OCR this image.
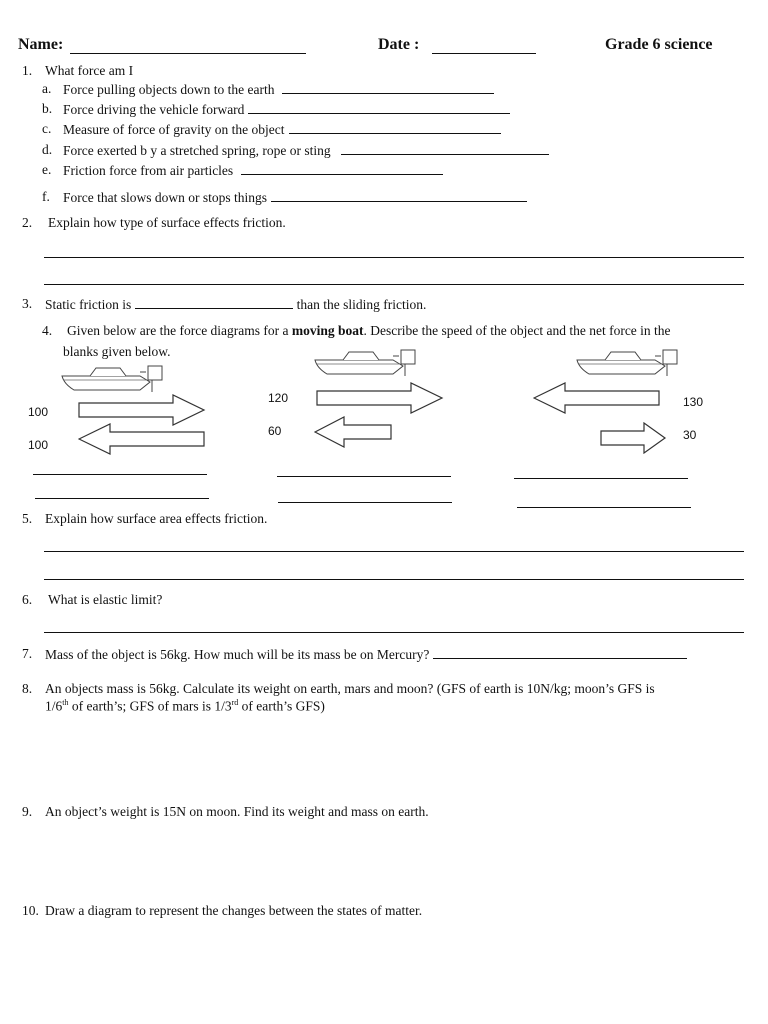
Name:	Date :	Grade 6 science
1. What force am I
a. Force pulling objects down to the earth
b. Force driving the vehicle forward
c. Measure of force of gravity on the object
d. Force exerted b y a stretched spring, rope or sting
e. Friction force from air particles
f. Force that slows down or stops things
2. Explain how type of surface effects friction.
3. Static friction is	than the sliding friction.
4. Given below are the force diagrams for a moving boat. Describe the speed of the object and the net force in the
blanks given below.
100
100
120
60
130
30
5. Explain how surface area effects friction.
6. What is elastic limit?
7. Mass of the object is 56kg. How much will be its mass be on Mercury?
8. An objects mass is 56kg. Calculate its weight on earth, mars and moon? (GFS of earth is 10N/kg; moon’s GFS is
1/6th of earth’s; GFS of mars is 1/3rd of earth’s GFS)
9. An object’s weight is 15N on moon. Find its weight and mass on earth.
10. Draw a diagram to represent the changes between the states of matter.
